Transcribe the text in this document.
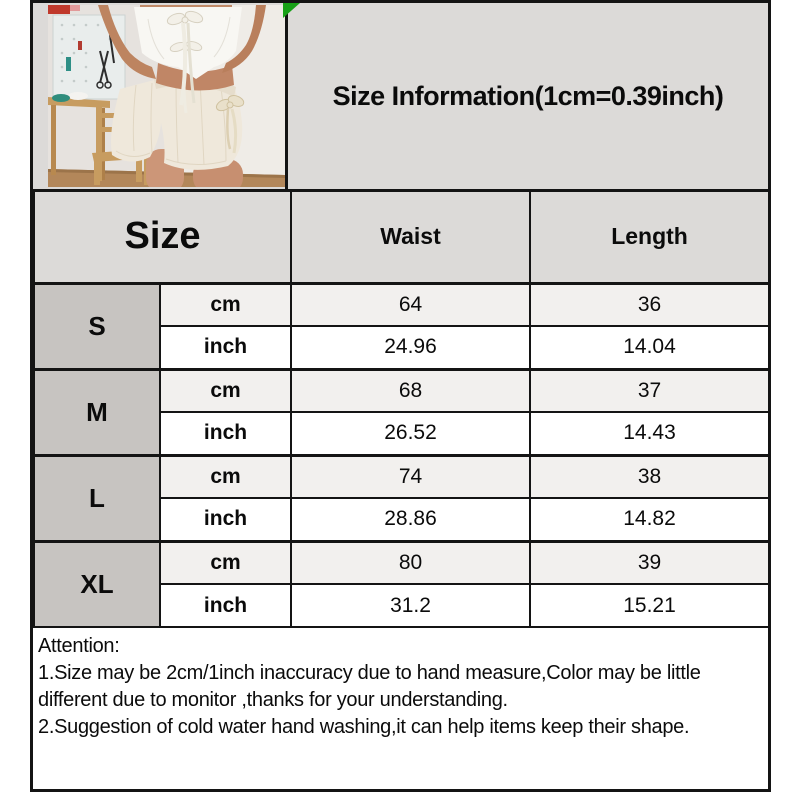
Size Information(1cm=0.39inch)
Size		Waist	Length
S	cm	64	36
	inch	24.96	14.04
M	cm	68	37
	inch	26.52	14.43
L	cm	74	38
	inch	28.86	14.82
XL	cm	80	39
	inch	31.2	15.21
Attention:
1.Size may be 2cm/1inch inaccuracy due to hand measure,Color may be little different due to monitor ,thanks for your understanding.
2.Suggestion of cold water hand washing,it can help items keep their shape.
